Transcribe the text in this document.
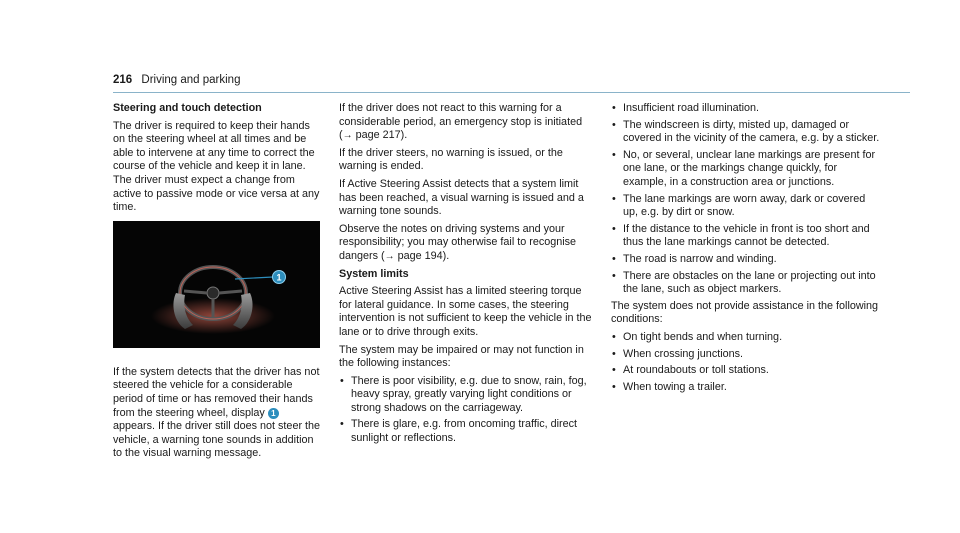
216 Driving and parking

Steering and touch detection

The driver is required to keep their hands on the steering wheel at all times and be able to intervene at any time to correct the course of the vehicle and keep it in lane. The driver must expect a change from active to passive mode or vice versa at any time.

1

If the system detects that the driver has not steered the vehicle for a considerable period of time or has removed their hands from the steering wheel, display 1 appears. If the driver still does not steer the vehicle, a warning tone sounds in addition to the visual warning message.

If the driver does not react to this warning for a considerable period, an emergency stop is initiated (→ page 217).

If the driver steers, no warning is issued, or the warning is ended.

If Active Steering Assist detects that a system limit has been reached, a visual warning is issued and a warning tone sounds.

Observe the notes on driving systems and your responsibility; you may otherwise fail to recognise dangers (→ page 194).

System limits

Active Steering Assist has a limited steering torque for lateral guidance. In some cases, the steering intervention is not sufficient to keep the vehicle in the lane or to drive through exits.

The system may be impaired or may not function in the following instances:

• There is poor visibility, e.g. due to snow, rain, fog, heavy spray, greatly varying light conditions or strong shadows on the carriageway.
• There is glare, e.g. from oncoming traffic, direct sunlight or reflections.
• Insufficient road illumination.
• The windscreen is dirty, misted up, damaged or covered in the vicinity of the camera, e.g. by a sticker.
• No, or several, unclear lane markings are present for one lane, or the markings change quickly, for example, in a construction area or junctions.
• The lane markings are worn away, dark or covered up, e.g. by dirt or snow.
• If the distance to the vehicle in front is too short and thus the lane markings cannot be detected.
• The road is narrow and winding.
• There are obstacles on the lane or projecting out into the lane, such as object markers.

The system does not provide assistance in the following conditions:

• On tight bends and when turning.
• When crossing junctions.
• At roundabouts or toll stations.
• When towing a trailer.
